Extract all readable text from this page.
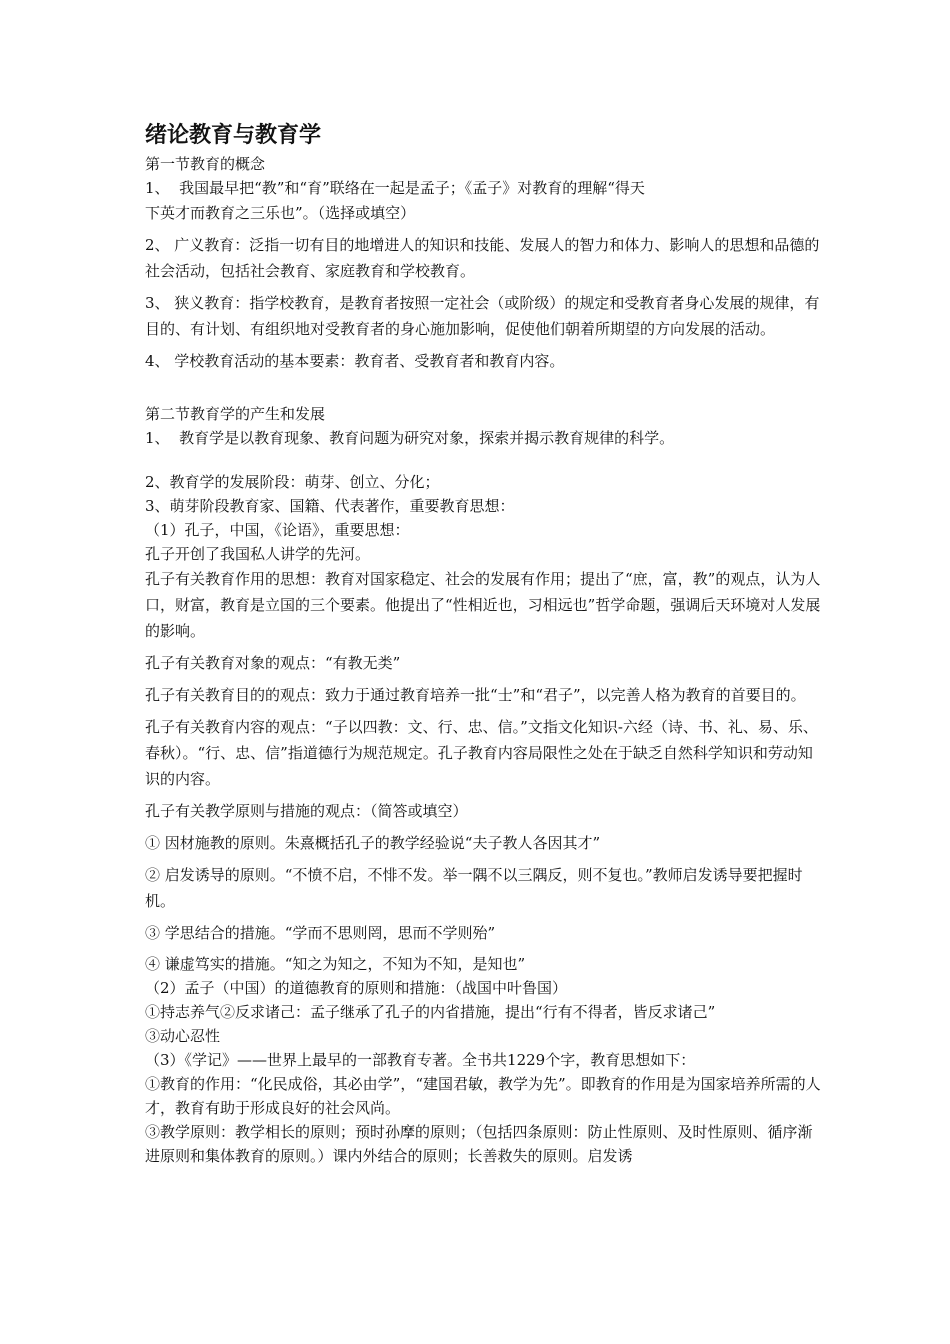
绪论教育与教育学

第一节教育的概念

1、  我国最早把“教”和“育”联络在一起是孟子；《孟子》对教育的理解“得天

下英才而教育之三乐也”。（选择或填空）

2、 广义教育：泛指一切有目的地增进人的知识和技能、发展人的智力和体力、影响人的思想和品德的社会活动，包括社会教育、家庭教育和学校教育。

3、 狭义教育：指学校教育，是教育者按照一定社会（或阶级）的规定和受教育者身心发展的规律，有目的、有计划、有组织地对受教育者的身心施加影响，促使他们朝着所期望的方向发展的活动。

4、 学校教育活动的基本要素：教育者、受教育者和教育内容。

第二节教育学的产生和发展

1、  教育学是以教育现象、教育问题为研究对象，探索并揭示教育规律的科学。

2、教育学的发展阶段：萌芽、创立、分化；

3、萌芽阶段教育家、国籍、代表著作，重要教育思想：

（1）孔子，中国，《论语》，重要思想：

孔子开创了我国私人讲学的先河。

孔子有关教育作用的思想：教育对国家稳定、社会的发展有作用；提出了“庶，富，教”的观点，认为人口，财富，教育是立国的三个要素。他提出了“性相近也，习相远也”哲学命题，强调后天环境对人发展的影响。

孔子有关教育对象的观点：“有教无类”

孔子有关教育目的的观点：致力于通过教育培养一批“士”和“君子”，以完善人格为教育的首要目的。

孔子有关教育内容的观点：“子以四教：文、行、忠、信。”文指文化知识-六经（诗、书、礼、易、乐、春秋）。“行、忠、信”指道德行为规范规定。孔子教育内容局限性之处在于缺乏自然科学知识和劳动知识的内容。

孔子有关教学原则与措施的观点：（简答或填空）

① 因材施教的原则。朱熹概括孔子的教学经验说“夫子教人各因其才”

② 启发诱导的原则。“不愤不启，不悱不发。举一隅不以三隅反，则不复也。”教师启发诱导要把握时机。

③ 学思结合的措施。“学而不思则罔，思而不学则殆”

④ 谦虚笃实的措施。“知之为知之，不知为不知，是知也”

（2）孟子（中国）的道德教育的原则和措施：（战国中叶鲁国）

①持志养气②反求诸己：孟子继承了孔子的内省措施，提出“行有不得者，皆反求诸己”

③动心忍性

（3）《学记》——世界上最早的一部教育专著。全书共1229个字，教育思想如下：

①教育的作用：“化民成俗，其必由学”，“建国君敏，教学为先”。即教育的作用是为国家培养所需的人才，教育有助于形成良好的社会风尚。

③教学原则：教学相长的原则；预时孙摩的原则；（包括四条原则：防止性原则、及时性原则、循序渐进原则和集体教育的原则。）课内外结合的原则；长善救失的原则。启发诱
